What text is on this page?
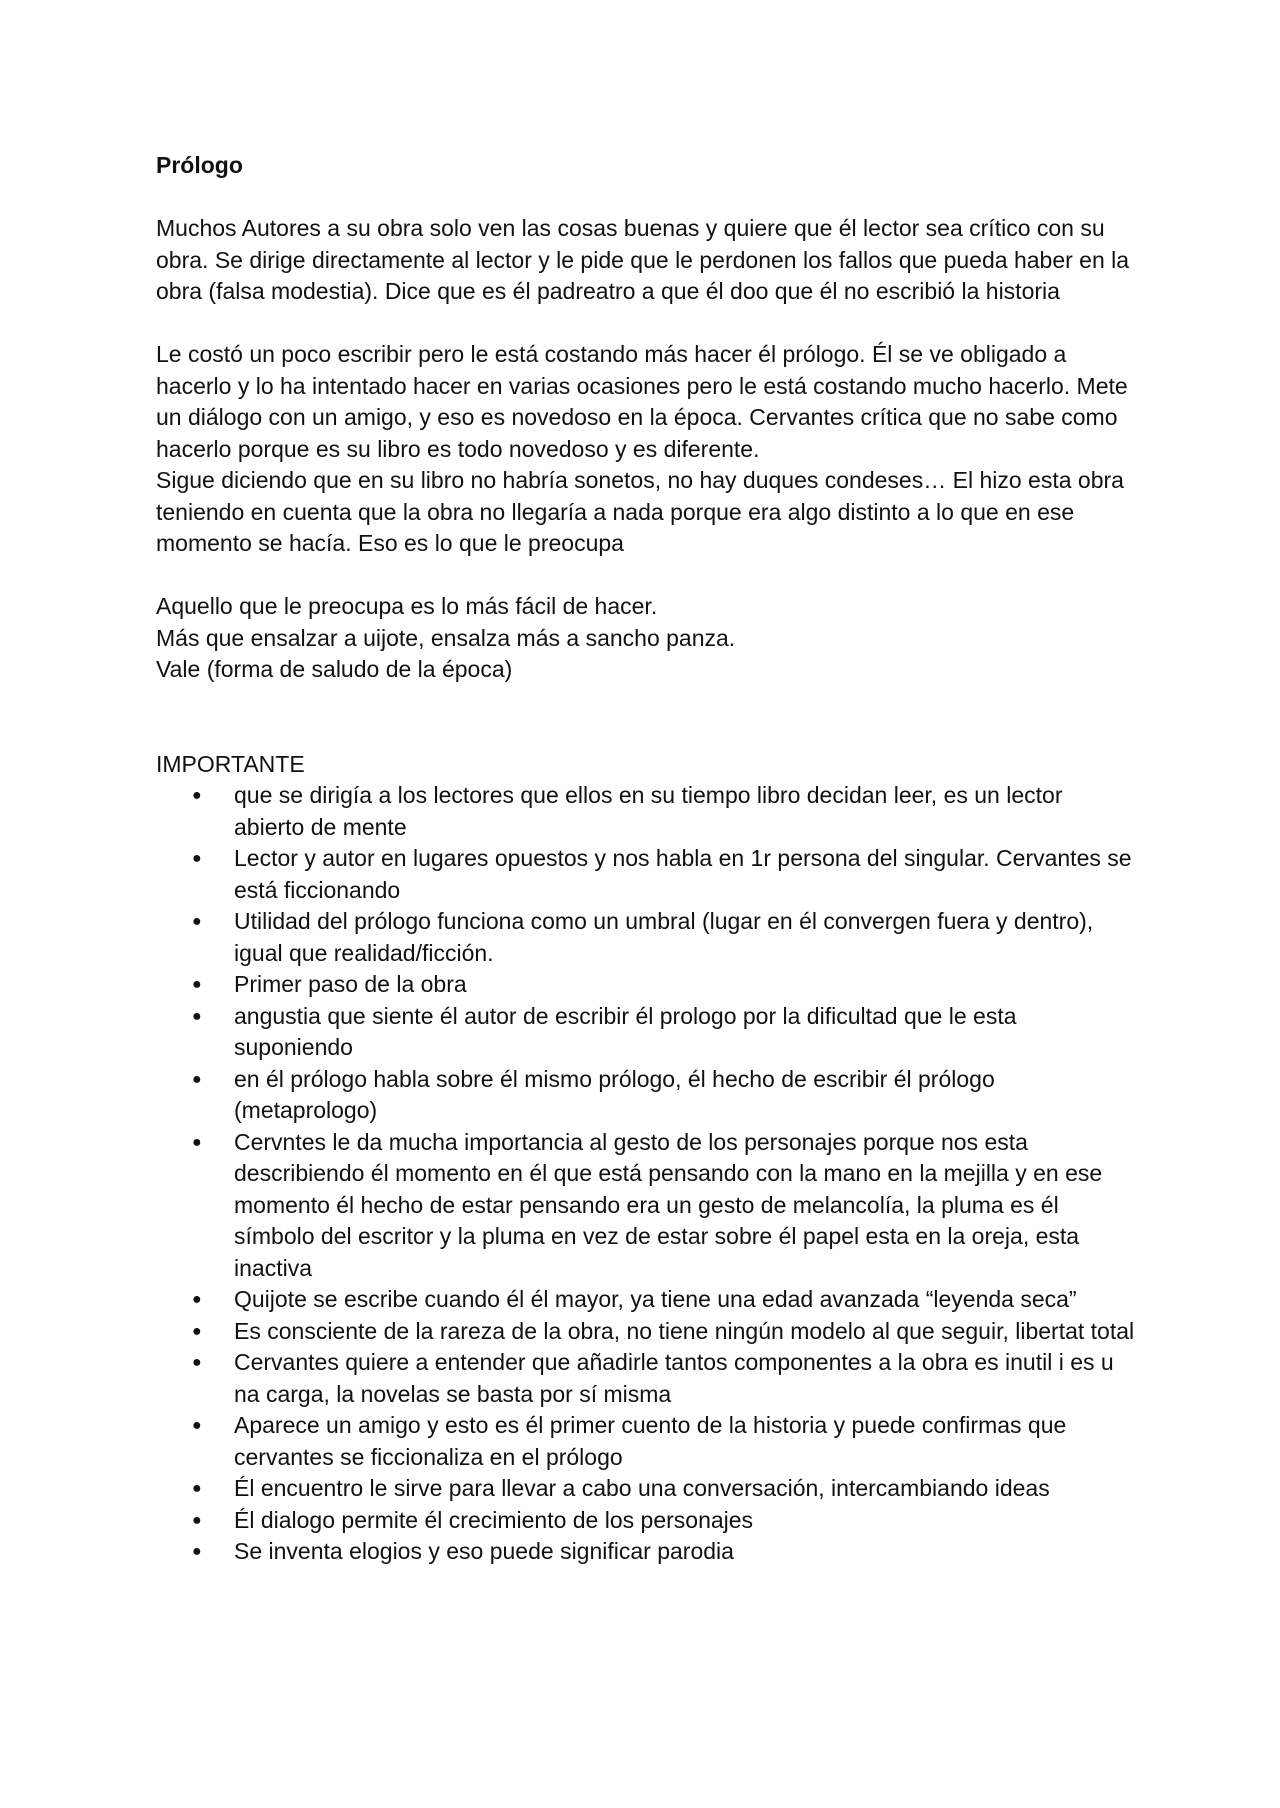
Prólogo

Muchos Autores a su obra solo ven las cosas buenas y quiere que él lector sea crítico con su obra. Se dirige directamente al lector y le pide que le perdonen los fallos que pueda haber en la obra (falsa modestia). Dice que es él padreatro a que él doo que él no escribió la historia

Le costó un poco escribir pero le está costando más hacer él prólogo. Él se ve obligado a hacerlo y lo ha intentado hacer en varias ocasiones pero le está costando mucho hacerlo. Mete un diálogo con un amigo, y eso es novedoso en la época. Cervantes crítica que no sabe como hacerlo porque es su libro es todo novedoso y es diferente.

Sigue diciendo que en su libro no habría sonetos, no hay duques condeses… El hizo esta obra teniendo en cuenta que la obra no llegaría a nada porque era algo distinto a lo que en ese momento se hacía. Eso es lo que le preocupa

Aquello que le preocupa es lo más fácil de hacer.

Más que ensalzar a uijote, ensalza más a sancho panza.

Vale (forma de saludo de la época)

IMPORTANTE

● que se dirigía a los lectores que ellos en su tiempo libro decidan leer, es un lector abierto de mente
● Lector y autor en lugares opuestos y nos habla en 1r persona del singular. Cervantes se está ficcionando
● Utilidad del prólogo funciona como un umbral (lugar en él convergen fuera y dentro), igual que realidad/ficción.
● Primer paso de la obra
● angustia que siente él autor de escribir él prologo por la dificultad que le esta suponiendo
● en él prólogo habla sobre él mismo prólogo, él hecho de escribir él prólogo (metaprologo)
● Cervntes le da mucha importancia al gesto de los personajes porque nos esta describiendo él momento en él que está pensando con la mano en la mejilla y en ese momento él hecho de estar pensando era un gesto de melancolía, la pluma es él símbolo del escritor y la pluma en vez de estar sobre él papel esta en la oreja, esta inactiva
● Quijote se escribe cuando él él mayor, ya tiene una edad avanzada “leyenda seca”
● Es consciente de la rareza de la obra, no tiene ningún modelo al que seguir, libertat total
● Cervantes quiere a entender que añadirle tantos componentes a la obra es inutil i es u na carga, la novelas se basta por sí misma
● Aparece un amigo y esto es él primer cuento de la historia y puede confirmas que cervantes se ficcionaliza en el prólogo
● Él encuentro le sirve para llevar a cabo una conversación, intercambiando ideas
● Él dialogo permite él crecimiento de los personajes
● Se inventa elogios y eso puede significar parodia
